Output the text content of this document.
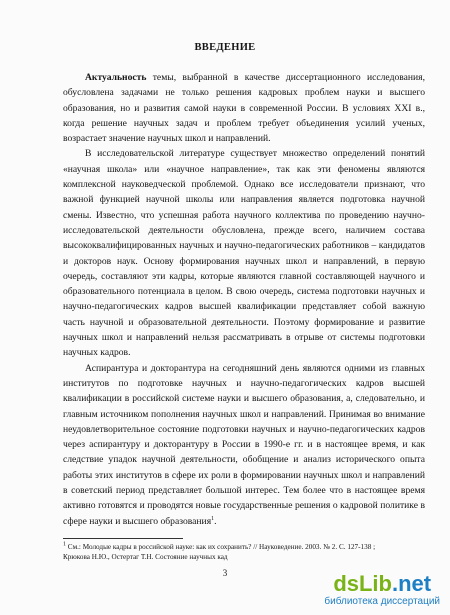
ВВЕДЕНИЕ

Актуальность темы, выбранной в качестве диссертационного исследования, обусловлена задачами не только решения кадровых проблем науки и высшего образования, но и развития самой науки в современной России. В условиях XXI в., когда решение научных задач и проблем требует объединения усилий ученых, возрастает значение научных школ и направлений.

В исследовательской литературе существует множество определений понятий «научная школа» или «научное направление», так как эти феномены являются комплексной науковедческой проблемой. Однако все исследователи признают, что важной функцией научной школы или направления является подготовка научной смены. Известно, что успешная работа научного коллектива по проведению научно-исследовательской деятельности обусловлена, прежде всего, наличием состава высококвалифицированных научных и научно-педагогических работников – кандидатов и докторов наук. Основу формирования научных школ и направлений, в первую очередь, составляют эти кадры, которые являются главной составляющей научного и образовательного потенциала в целом. В свою очередь, система подготовки научных и научно-педагогических кадров высшей квалификации представляет собой важную часть научной и образовательной деятельности. Поэтому формирование и развитие научных школ и направлений нельзя рассматривать в отрыве от системы подготовки научных кадров.

Аспирантура и докторантура на сегодняшний день являются одними из главных институтов по подготовке научных и научно-педагогических кадров высшей квалификации в российской системе науки и высшего образования, а, следовательно, и главным источником пополнения научных школ и направлений. Принимая во внимание неудовлетворительное состояние подготовки научных и научно-педагогических кадров через аспирантуру и докторантуру в России в 1990-е гг. и в настоящее время, и как следствие упадок научной деятельности, обобщение и анализ исторического опыта работы этих институтов в сфере их роли в формировании научных школ и направлений в советский период представляет большой интерес. Тем более что в настоящее время активно готовятся и проводятся новые государственные решения о кадровой политике в сфере науки и высшего образования$^1$.

$^1$ См.: Молодые кадры в российской науке: как их сохранить? // Науковедение. 2003. № 2. С. 127-138 ; Крюкова Н.Ю., Остертаг Т.Н. Состояние научных кад
3	dsLib.net
библиотека диссертаций
